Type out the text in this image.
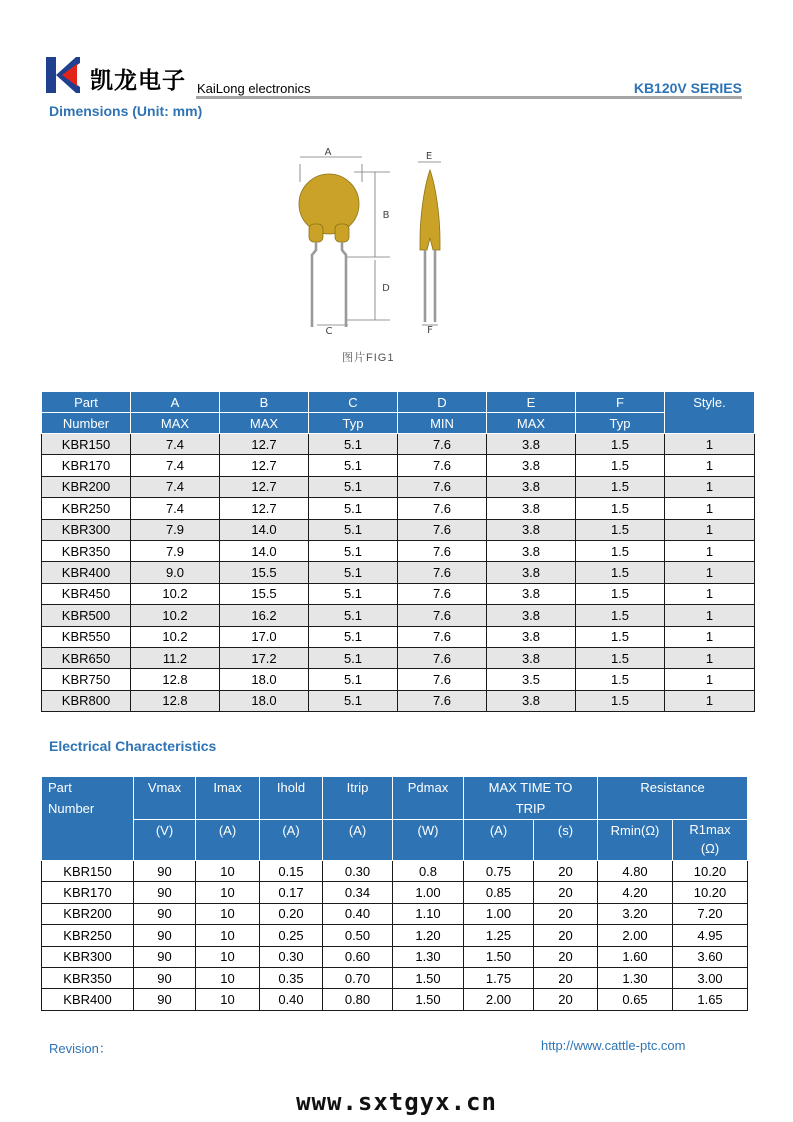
凯龙电子 KaiLong electronics	KB120V SERIES
Dimensions (Unit: mm)
A
B
C
D
E
F
图片FIG1
Part	A	B	C	D	E	F	Style.
Number	MAX	MAX	Typ	MIN	MAX	Typ	
KBR150	7.4	12.7	5.1	7.6	3.8	1.5	1
KBR170	7.4	12.7	5.1	7.6	3.8	1.5	1
KBR200	7.4	12.7	5.1	7.6	3.8	1.5	1
KBR250	7.4	12.7	5.1	7.6	3.8	1.5	1
KBR300	7.9	14.0	5.1	7.6	3.8	1.5	1
KBR350	7.9	14.0	5.1	7.6	3.8	1.5	1
KBR400	9.0	15.5	5.1	7.6	3.8	1.5	1
KBR450	10.2	15.5	5.1	7.6	3.8	1.5	1
KBR500	10.2	16.2	5.1	7.6	3.8	1.5	1
KBR550	10.2	17.0	5.1	7.6	3.8	1.5	1
KBR650	11.2	17.2	5.1	7.6	3.8	1.5	1
KBR750	12.8	18.0	5.1	7.6	3.5	1.5	1
KBR800	12.8	18.0	5.1	7.6	3.8	1.5	1
Electrical Characteristics
Part
Number	Vmax	Imax	Ihold	Itrip	Pdmax	MAX TIME TO TRIP		Resistance	
	(V)	(A)	(A)	(A)	(W)	(A)	(s)	Rmin(Ω)	R1max
(Ω)
KBR150	90	10	0.15	0.30	0.8	0.75	20	4.80	10.20
KBR170	90	10	0.17	0.34	1.00	0.85	20	4.20	10.20
KBR200	90	10	0.20	0.40	1.10	1.00	20	3.20	7.20
KBR250	90	10	0.25	0.50	1.20	1.25	20	2.00	4.95
KBR300	90	10	0.30	0.60	1.30	1.50	20	1.60	3.60
KBR350	90	10	0.35	0.70	1.50	1.75	20	1.30	3.00
KBR400	90	10	0.40	0.80	1.50	2.00	20	0.65	1.65
Revision：	http://www.cattle-ptc.com
www.sxtgyx.cn
